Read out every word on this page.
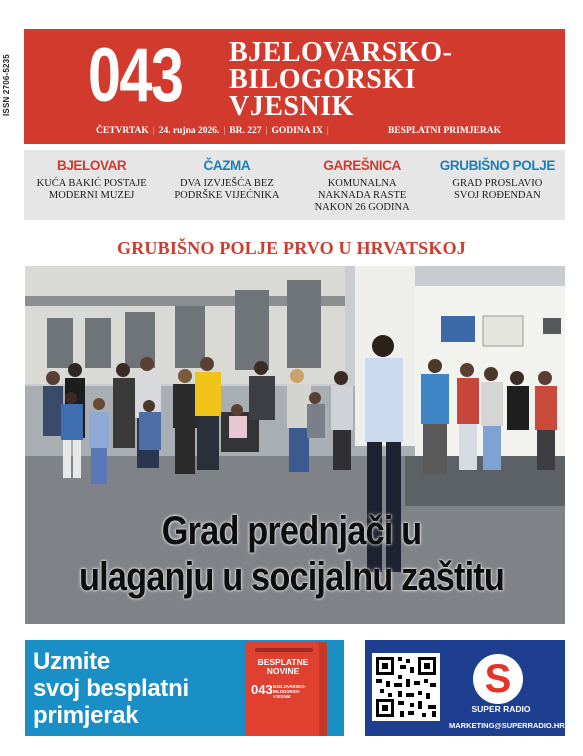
ISSN 2706-5235 043 BJELOVARSKO-
BILOGORSKI
VJESNIK
ČETVRTAK | 24. rujna 2026. | BR. 227 | GODINA IX |	BESPLATNI PRIMJERAK
BJELOVAR
KUĆA BAKIĆ POSTAJE MODERNI MUZEJ
ČAZMA
DVA IZVJEŠĆA BEZ PODRŠKE VIJEĆNIKA
GAREŠNICA
KOMUNALNA NAKNADA RASTE NAKON 26 GODINA
GRUBIŠNO POLJE
GRAD PROSLAVIO SVOJ ROĐENDAN
GRUBIŠNO POLJE PRVO U HRVATSKOJ
Grad prednjači u
ulaganju u socijalnu zaštitu
Uzmite
svoj besplatni
primjerak
BESPLATNE NOVINE
043 BJELOVARSKO-BILOGORSKI VJESNIK	S
SUPER RADIO
MARKETING@SUPERRADIO.HR
